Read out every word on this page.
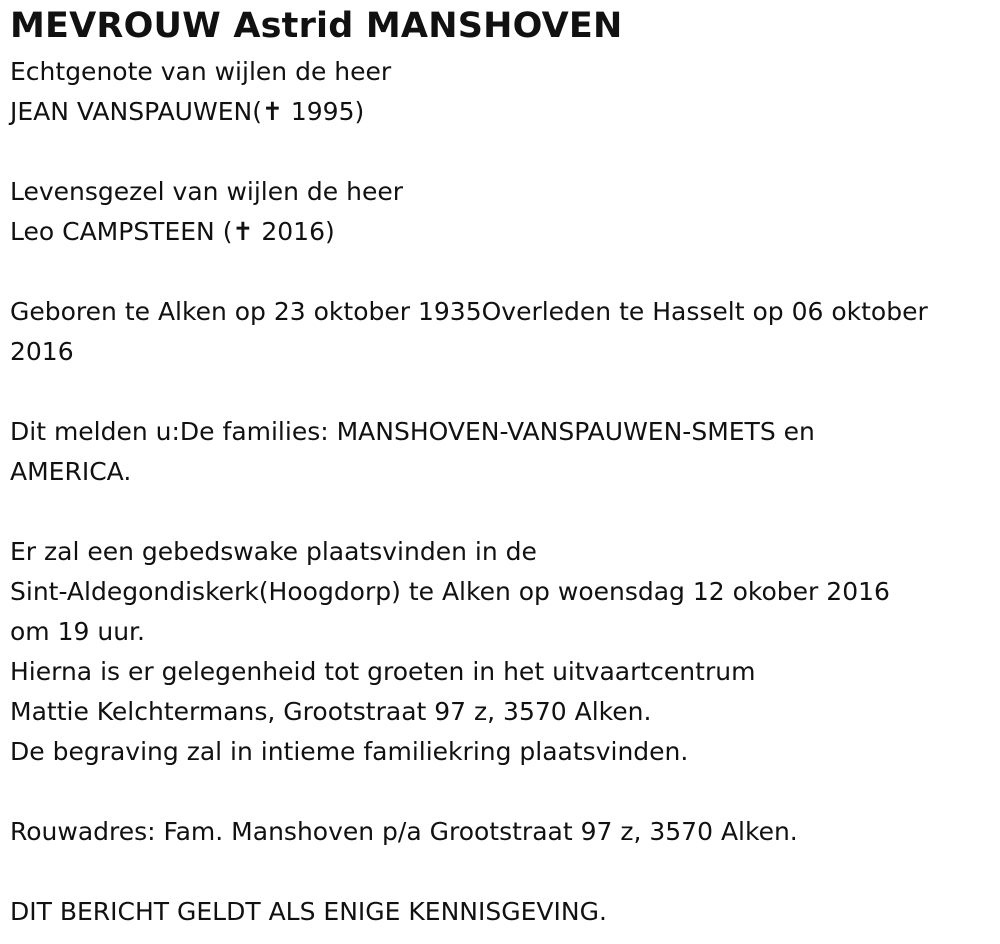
MEVROUW Astrid MANSHOVEN
Echtgenote van wijlen de heer
JEAN VANSPAUWEN(✝ 1995)
Levensgezel van wijlen de heer
Leo CAMPSTEEN (✝ 2016)
Geboren te Alken op 23 oktober 1935Overleden te Hasselt op 06 oktober
2016
Dit melden u:De families: MANSHOVEN-VANSPAUWEN-SMETS en
AMERICA.
Er zal een gebedswake plaatsvinden in de
Sint-Aldegondiskerk(Hoogdorp) te Alken op woensdag 12 okober 2016
om 19 uur.
Hierna is er gelegenheid tot groeten in het uitvaartcentrum
Mattie Kelchtermans, Grootstraat 97 z, 3570 Alken.
De begraving zal in intieme familiekring plaatsvinden.
Rouwadres: Fam. Manshoven p/a Grootstraat 97 z, 3570 Alken.
DIT BERICHT GELDT ALS ENIGE KENNISGEVING.
